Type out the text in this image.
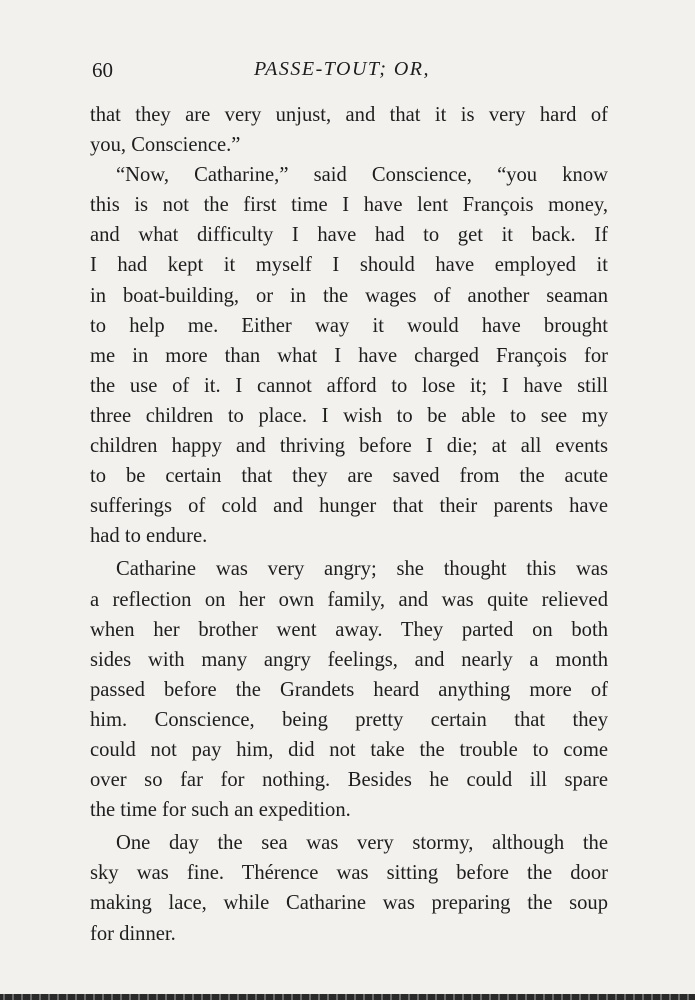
60	PASSE-TOUT; OR,
that they are very unjust, and that it is very hard of
you, Conscience.”
“Now, Catharine,” said Conscience, “you know
this is not the first time I have lent François money,
and what difficulty I have had to get it back. If
I had kept it myself I should have employed it
in boat-building, or in the wages of another seaman
to help me. Either way it would have brought
me in more than what I have charged François for
the use of it. I cannot afford to lose it; I have still
three children to place. I wish to be able to see my
children happy and thriving before I die; at all events
to be certain that they are saved from the acute
sufferings of cold and hunger that their parents have
had to endure.
Catharine was very angry; she thought this was
a reflection on her own family, and was quite relieved
when her brother went away. They parted on both
sides with many angry feelings, and nearly a month
passed before the Grandets heard anything more of
him. Conscience, being pretty certain that they
could not pay him, did not take the trouble to come
over so far for nothing. Besides he could ill spare
the time for such an expedition.
One day the sea was very stormy, although the
sky was fine. Thérence was sitting before the door
making lace, while Catharine was preparing the soup
for dinner.
